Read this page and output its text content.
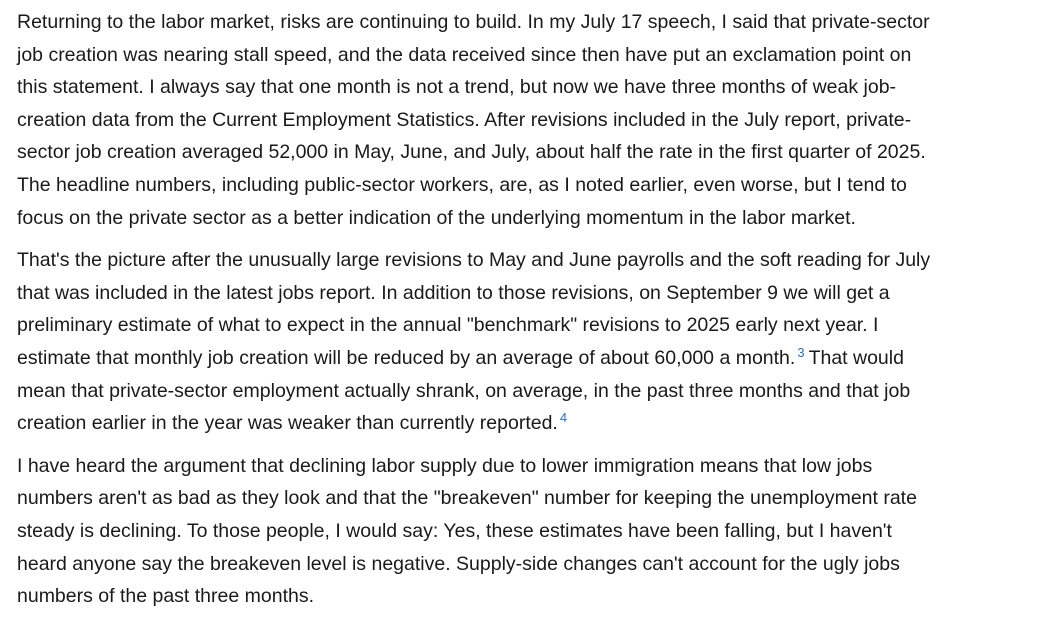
Returning to the labor market, risks are continuing to build. In my July 17 speech, I said that private-sector
job creation was nearing stall speed, and the data received since then have put an exclamation point on
this statement. I always say that one month is not a trend, but now we have three months of weak job-
creation data from the Current Employment Statistics. After revisions included in the July report, private-
sector job creation averaged 52,000 in May, June, and July, about half the rate in the first quarter of 2025.
The headline numbers, including public-sector workers, are, as I noted earlier, even worse, but I tend to
focus on the private sector as a better indication of the underlying momentum in the labor market.

That's the picture after the unusually large revisions to May and June payrolls and the soft reading for July
that was included in the latest jobs report. In addition to those revisions, on September 9 we will get a
preliminary estimate of what to expect in the annual "benchmark" revisions to 2025 early next year. I
estimate that monthly job creation will be reduced by an average of about 60,000 a month. $^3$ That would
mean that private-sector employment actually shrank, on average, in the past three months and that job
creation earlier in the year was weaker than currently reported. $^4$

I have heard the argument that declining labor supply due to lower immigration means that low jobs
numbers aren't as bad as they look and that the "breakeven" number for keeping the unemployment rate
steady is declining. To those people, I would say: Yes, these estimates have been falling, but I haven't
heard anyone say the breakeven level is negative. Supply-side changes can't account for the ugly jobs
numbers of the past three months.
